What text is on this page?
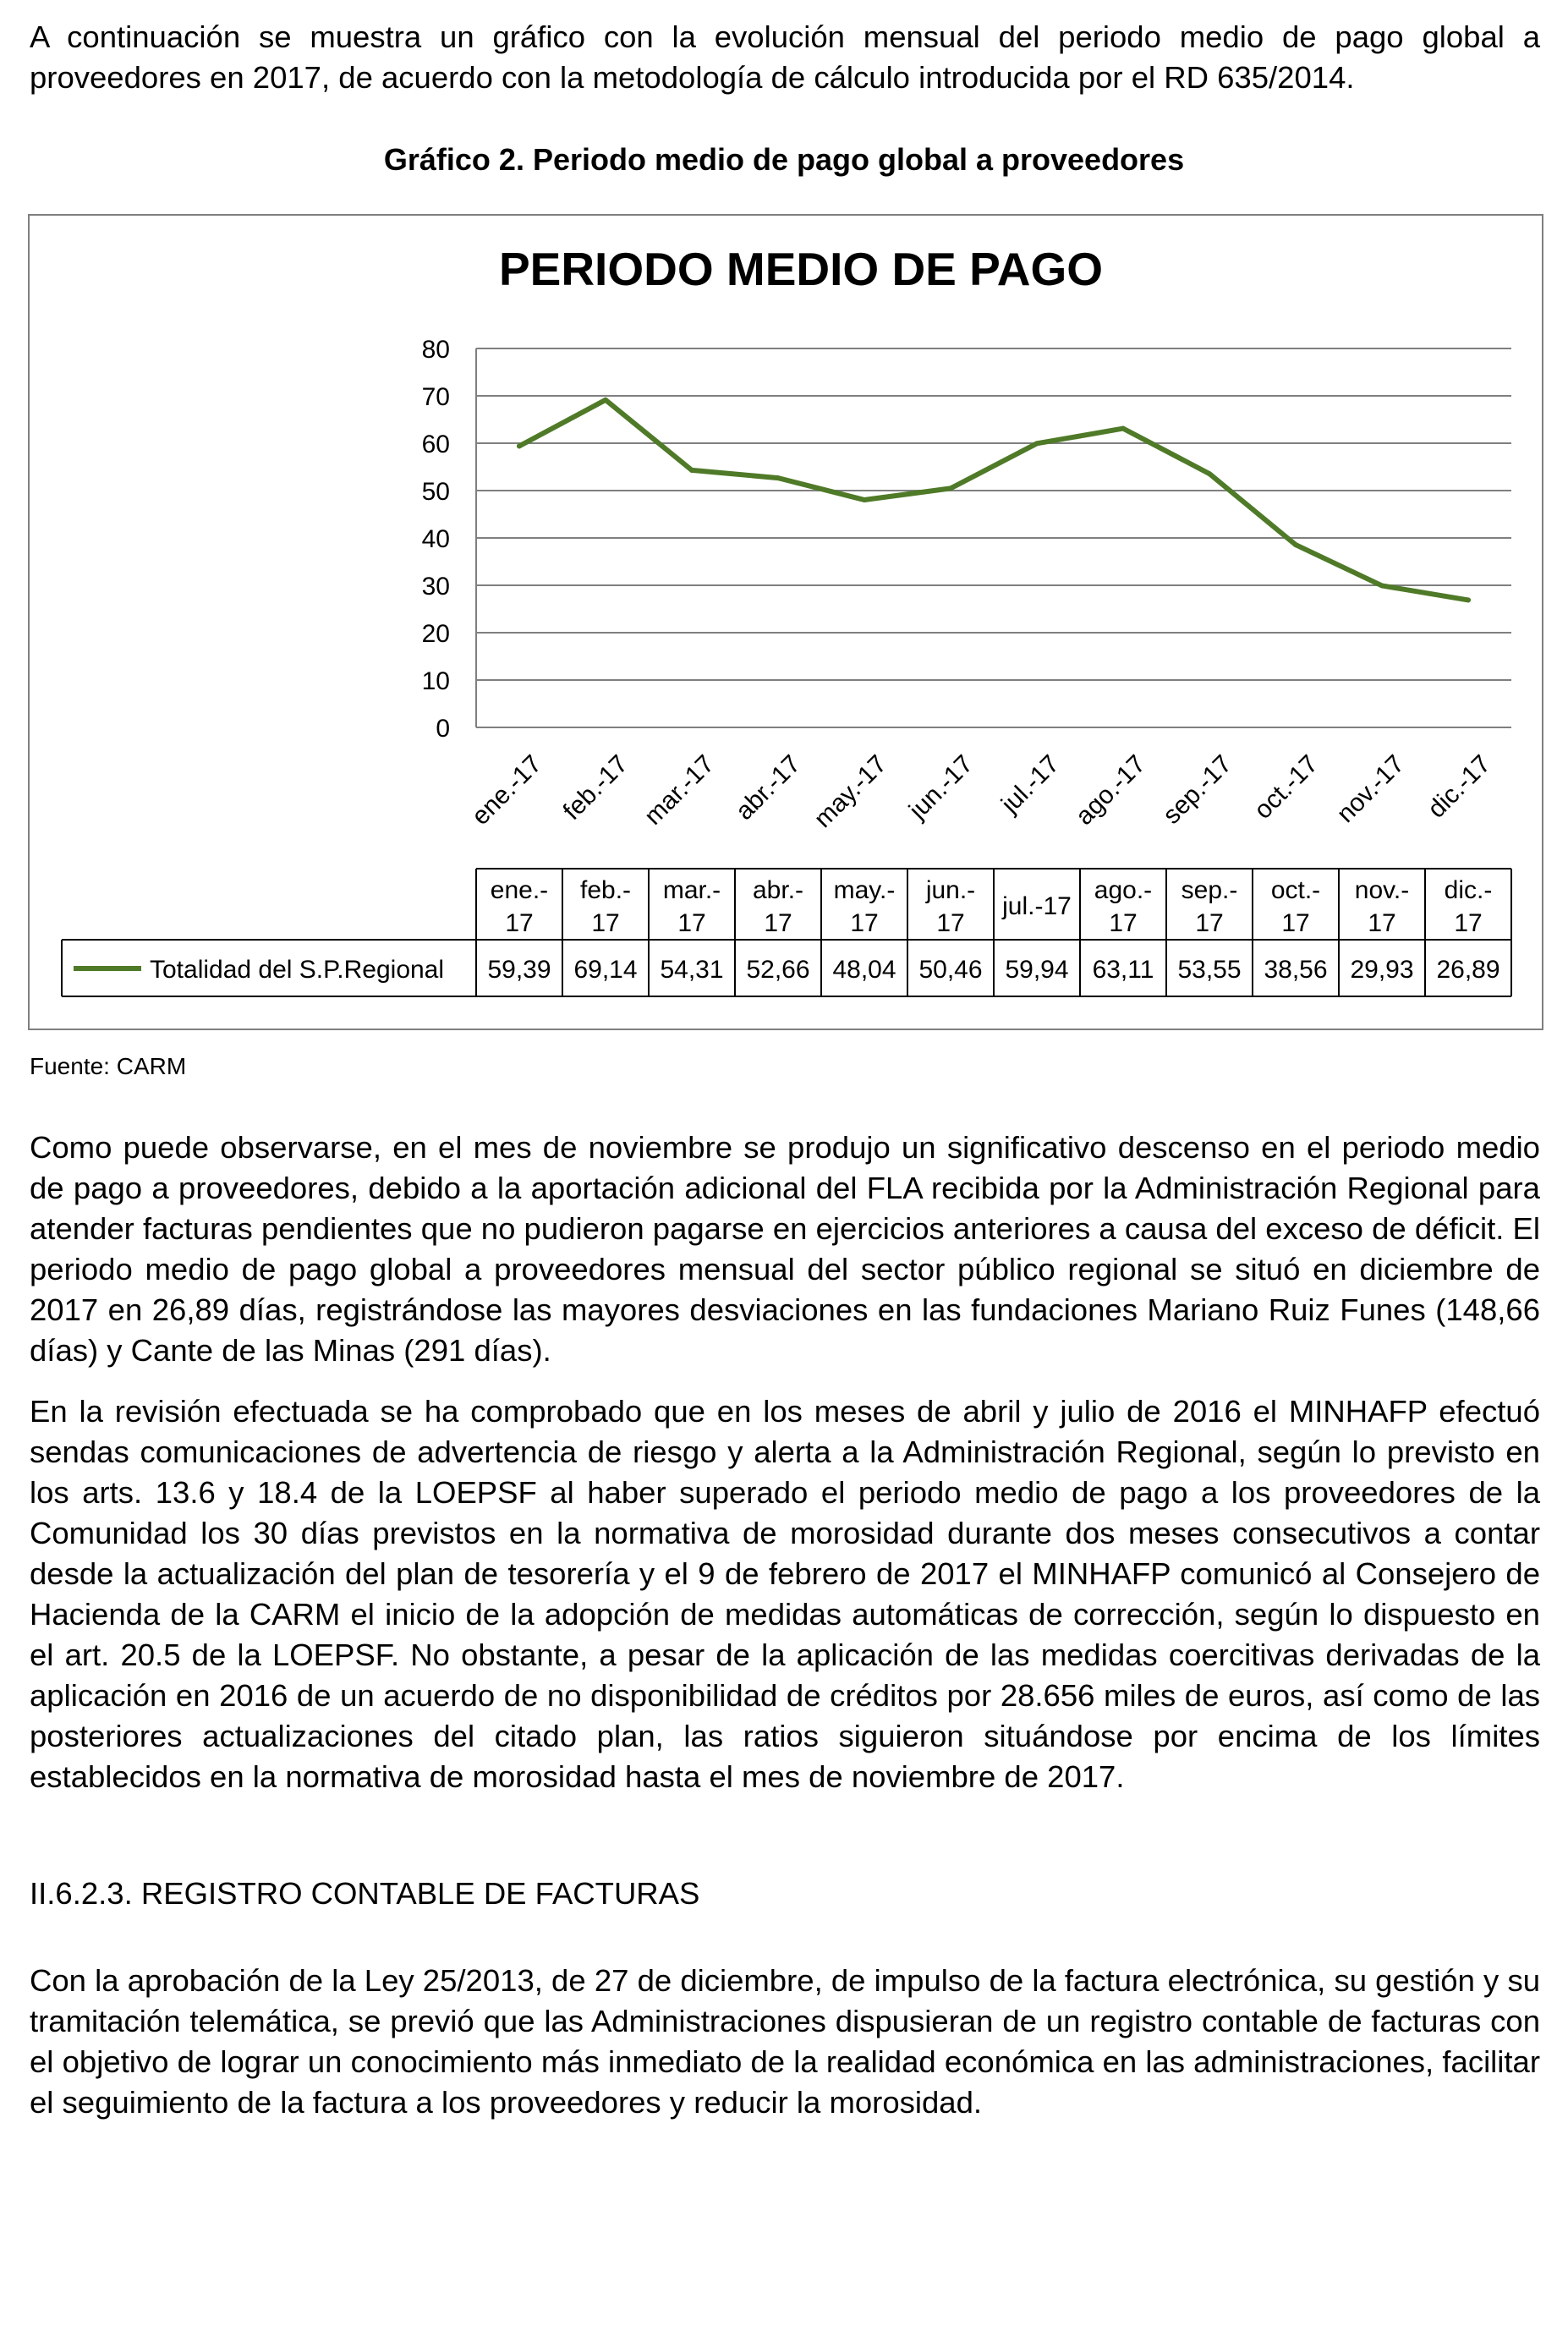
A continuación se muestra un gráfico con la evolución mensual del periodo medio de pago global a proveedores en 2017, de acuerdo con la metodología de cálculo introducida por el RD 635/2014.

Gráfico 2. Periodo medio de pago global a proveedores
PERIODO MEDIO DE PAGO
0
10
20
30
40
50
60
70
80
ene.-17 feb.-17 mar.-17 abr.-17 may.-17 jun.-17 jul.-17 ago.-17 sep.-17 oct.-17 nov.-17 dic.-17
ene.-
17
feb.-
17
mar.-
17
abr.-
17
may.-
17
jun.-
17
jul.-17
ago.-
17
sep.-
17
oct.-
17
nov.-
17
dic.-
17
Totalidad del S.P.Regional 59,39 69,14 54,31 52,66 48,04 50,46 59,94 63,11 53,55 38,56 29,93 26,89
Fuente: CARM

Como puede observarse, en el mes de noviembre se produjo un significativo descenso en el periodo medio de pago a proveedores, debido a la aportación adicional del FLA recibida por la Administración Regional para atender facturas pendientes que no pudieron pagarse en ejercicios anteriores a causa del exceso de déficit. El periodo medio de pago global a proveedores mensual del sector público regional se situó en diciembre de 2017 en 26,89 días, registrándose las mayores desviaciones en las fundaciones Mariano Ruiz Funes (148,66 días) y Cante de las Minas (291 días).

En la revisión efectuada se ha comprobado que en los meses de abril y julio de 2016 el MINHAFP efectuó sendas comunicaciones de advertencia de riesgo y alerta a la Administración Regional, según lo previsto en los arts. 13.6 y 18.4 de la LOEPSF al haber superado el periodo medio de pago a los proveedores de la Comunidad los 30 días previstos en la normativa de morosidad durante dos meses consecutivos a contar desde la actualización del plan de tesorería y el 9 de febrero de 2017 el MINHAFP comunicó al Consejero de Hacienda de la CARM el inicio de la adopción de medidas automáticas de corrección, según lo dispuesto en el art. 20.5 de la LOEPSF. No obstante, a pesar de la aplicación de las medidas coercitivas derivadas de la aplicación en 2016 de un acuerdo de no disponibilidad de créditos por 28.656 miles de euros, así como de las posteriores actualizaciones del citado plan, las ratios siguieron situándose por encima de los límites establecidos en la normativa de morosidad hasta el mes de noviembre de 2017.

II.6.2.3. REGISTRO CONTABLE DE FACTURAS

Con la aprobación de la Ley 25/2013, de 27 de diciembre, de impulso de la factura electrónica, su gestión y su tramitación telemática, se previó que las Administraciones dispusieran de un registro contable de facturas con el objetivo de lograr un conocimiento más inmediato de la realidad económica en las administraciones, facilitar el seguimiento de la factura a los proveedores y reducir la morosidad.
